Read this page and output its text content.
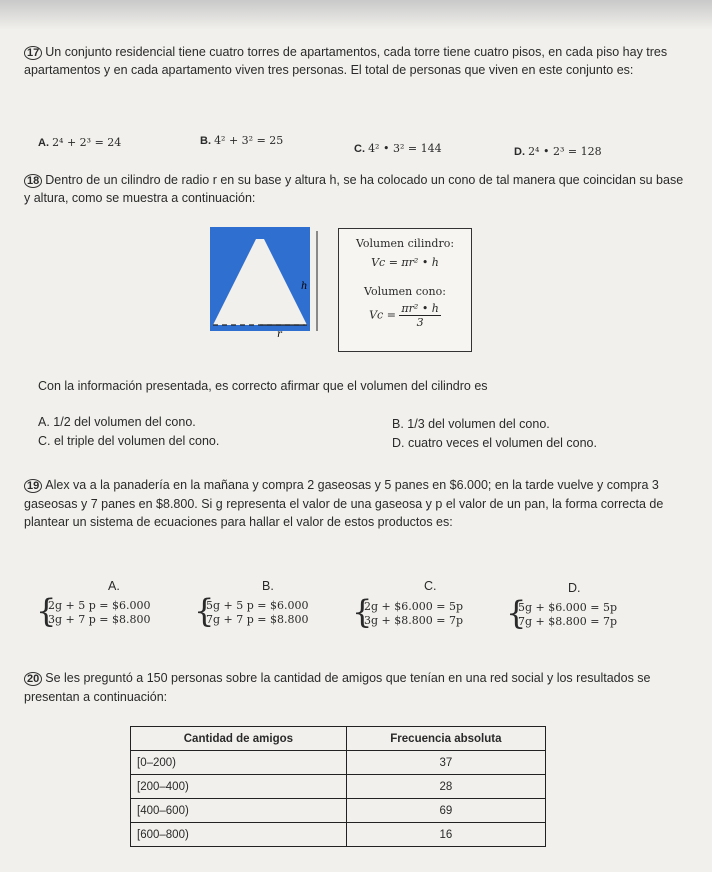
17 Un conjunto residencial tiene cuatro torres de apartamentos, cada torre tiene cuatro pisos, en cada piso hay tres apartamentos y en cada apartamento viven tres personas. El total de personas que viven en este conjunto es:
A. 2⁴ + 2³ = 24	B. 4² + 3² = 25
C. 4² • 3² = 144	D. 2⁴ • 2³ = 128
18 Dentro de un cilindro de radio r en su base y altura h, se ha colocado un cono de tal manera que coincidan su base y altura, como se muestra a continuación:
h
r
Volumen cilindro:
Vc = πr² • h
Volumen cono:
$Vc = \frac{\text{πr² • h}}{3}$
Con la información presentada, es correcto afirmar que el volumen del cilindro es
A. 1/2 del volumen del cono.	B. 1/3 del volumen del cono.
C. el triple del volumen del cono.	D. cuatro veces el volumen del cono.
19 Alex va a la panadería en la mañana y compra 2 gaseosas y 5 panes en $6.000; en la tarde vuelve y compra 3 gaseosas y 7 panes en $8.800. Si g representa el valor de una gaseosa y p el valor de un pan, la forma correcta de plantear un sistema de ecuaciones para hallar el valor de estos productos es:
A.	B.	C.	D.
{
2g + 5 p = $6.000
3g + 7 p = $8.800 {
5g + 5 p = $6.000
7g + 7 p = $8.800 {
2g + $6.000 = 5p
3g + $8.800 = 7p {
5g + $6.000 = 5p
7g + $8.800 = 7p
20 Se les preguntó a 150 personas sobre la cantidad de amigos que tenían en una red social y los resultados se presentan a continuación:
Cantidad de amigos	Frecuencia absoluta
[0–200)	37
[200–400)	28
[400–600)	69
[600–800)	16
